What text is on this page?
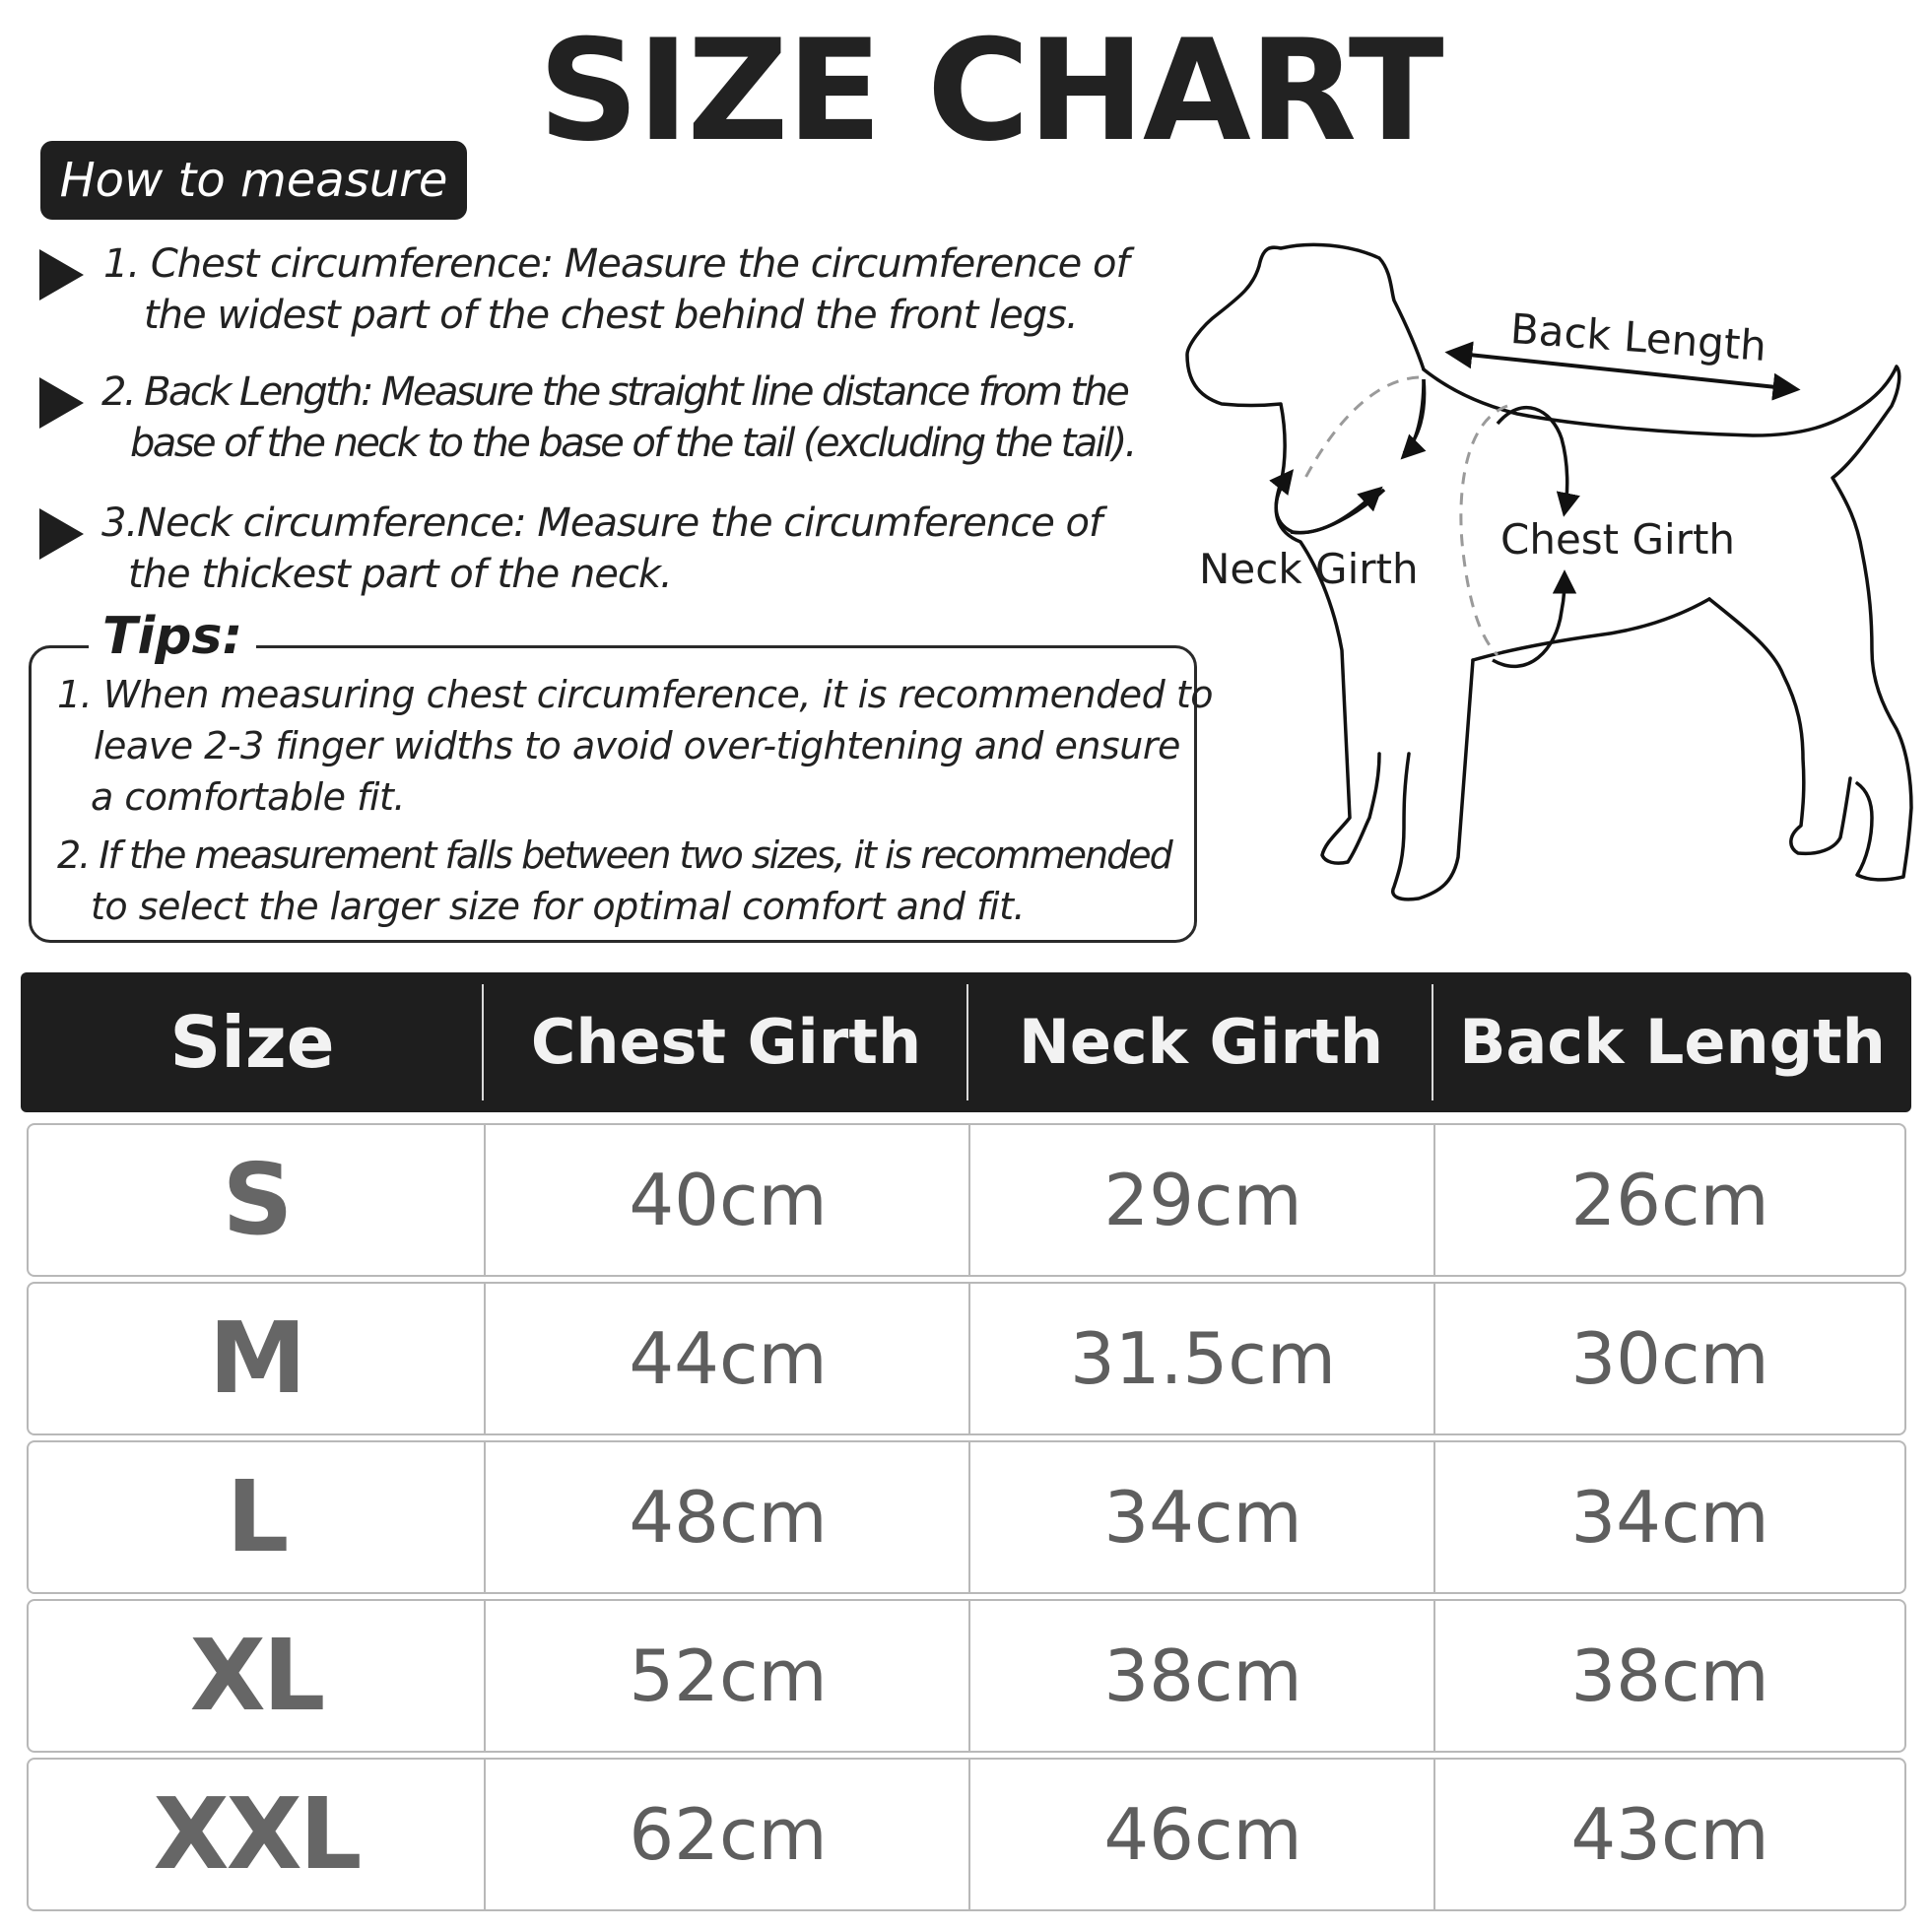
SIZE CHART
How to measure
1. Chest circumference: Measure the circumference of
the widest part of the chest behind the front legs.
2. Back Length: Measure the straight line distance from the
base of the neck to the base of the tail (excluding the tail).
3.Neck circumference: Measure the circumference of
the thickest part of the neck.
Tips:
1. When measuring chest circumference, it is recommended to
leave 2-3 finger widths to avoid over-tightening and ensure
a comfortable fit.
2. If the measurement falls between two sizes, it is recommended
to select the larger size for optimal comfort and fit.
Back Length
Chest Girth
Neck Girth
Size	Chest Girth	Neck Girth	Back Length
S	40cm	29cm	26cm
M	44cm	31.5cm	30cm
L	48cm	34cm	34cm
XL	52cm	38cm	38cm
XXL	62cm	46cm	43cm
